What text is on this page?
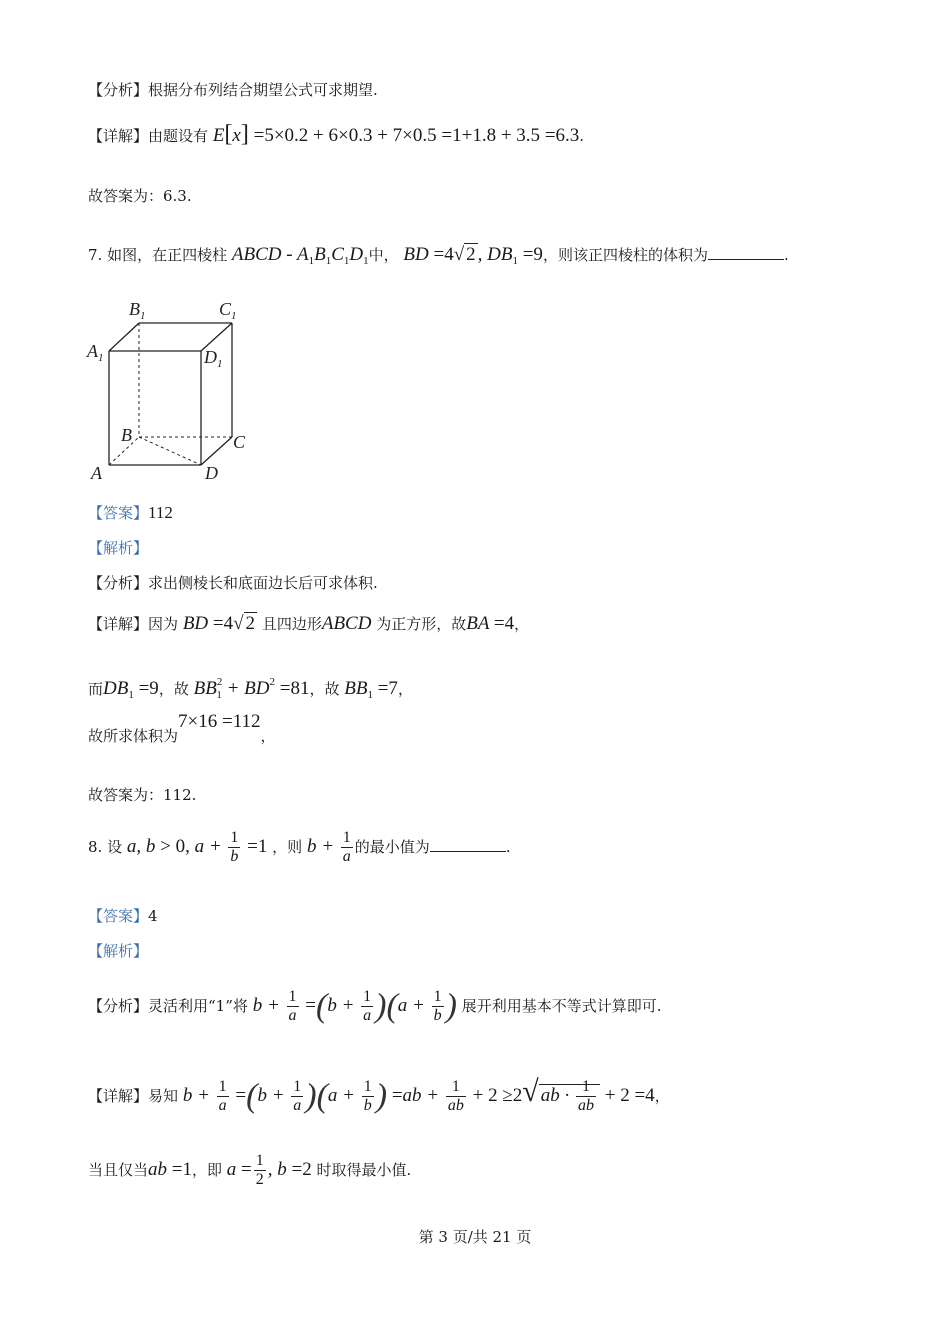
【分析】根据分布列结合期望公式可求期望.
【详解】由题设有 E[x] =5×0.2 + 6×0.3 + 7×0.5 =1+1.8 + 3.5 =6.3.
故答案为：6.3.
7. 如图，在正四棱柱 ABCD - $A_1B_1C_1D_1$中， BD =4√ 2 , $DB_1 =9$，则该正四棱柱的体积为	.
$B_1$	$C_1$
$A_1$	$D_1$
B	C
A	D
【答案】112
【解析】
【分析】求出侧棱长和底面边长后可求体积.
【详解】因为 BD =4√ 2 且四边形ABCD 为正方形，故BA =4，
而$DB_1 =9$，故 $BB^2_1 + BD^2 =81$，故 $BB_1 =7$，
故所求体积为7×16 =112，
故答案为：112.
8. 设 a, b > 0, $a + \frac{1}{b} =1$ ，则 $b + \frac{1}{a}$ 的最小值为	.
【答案】4
【解析】
【分析】灵活利用“1”将 $b + \frac{1}{a} =(b + \frac{1}{a} )(a + \frac{1}{b}$ ) 展开利用基本不等式计算即可.
【详解】易知 $b + \frac{1}{a} =(b + \frac{1}{a} )(a + \frac{1}{b}$ ) $=ab + \frac{1}{ab} + 2 \ge 2√$ ab · $\frac{1}{ab} + 2 =4$，
当且仅当ab =1，即 $a = \frac{1}{2}$ , b =2 时取得最小值.
第 3 页/共 21 页
